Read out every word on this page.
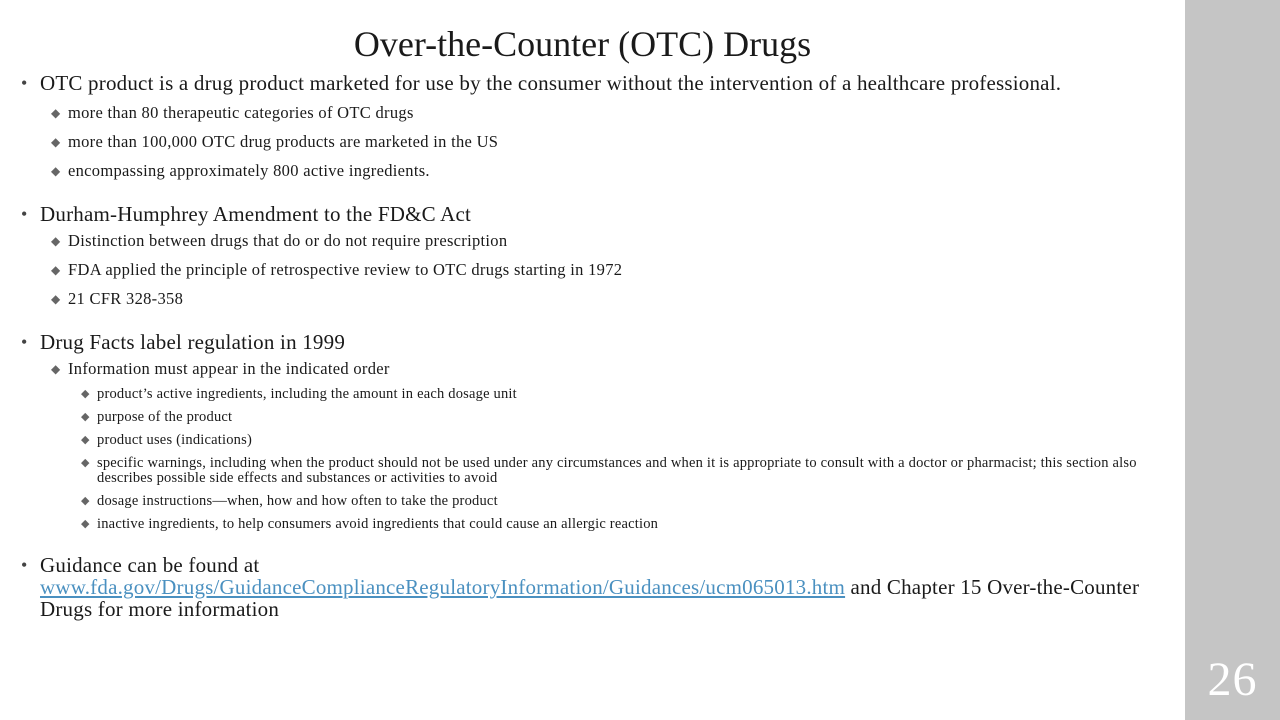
Over-the-Counter (OTC) Drugs
• OTC product is a drug product marketed for use by the consumer without the intervention of a healthcare professional.
◆ more than 80 therapeutic categories of OTC drugs
◆ more than 100,000 OTC drug products are marketed in the US
◆ encompassing approximately 800 active ingredients.
• Durham-Humphrey Amendment to the FD&C Act
◆ Distinction between drugs that do or do not require prescription
◆ FDA applied the principle of retrospective review to OTC drugs starting in 1972
◆ 21 CFR 328-358
• Drug Facts label regulation in 1999
◆ Information must appear in the indicated order
◆ product’s active ingredients, including the amount in each dosage unit
◆ purpose of the product
◆ product uses (indications)
◆ specific warnings, including when the product should not be used under any circumstances and when it is appropriate to consult with a doctor or pharmacist; this section also describes possible side effects and substances or activities to avoid
◆ dosage instructions—when, how and how often to take the product
◆ inactive ingredients, to help consumers avoid ingredients that could cause an allergic reaction
• Guidance can be found at
www.fda.gov/Drugs/GuidanceComplianceRegulatoryInformation/Guidances/ucm065013.htm and Chapter 15 Over-the-Counter Drugs for more information
26
